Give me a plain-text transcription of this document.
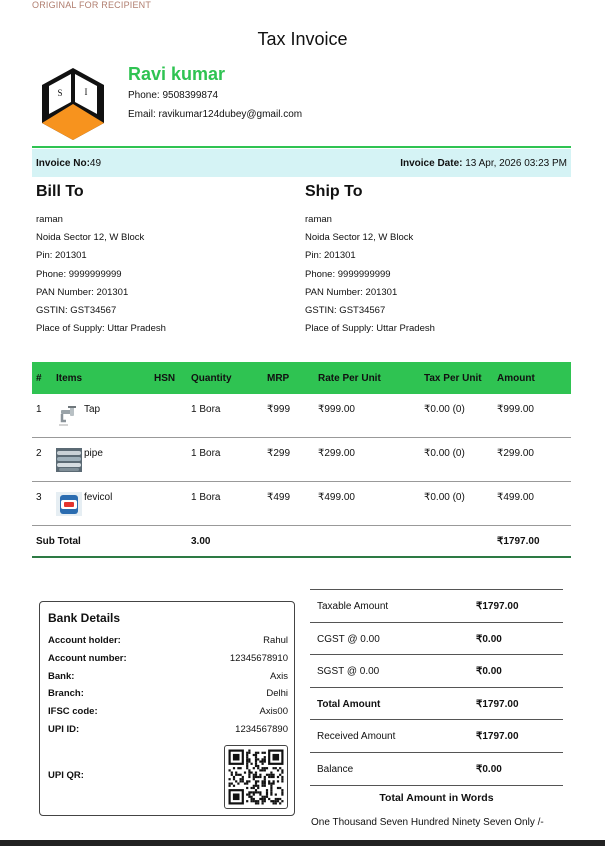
ORIGINAL FOR RECIPIENT
Tax Invoice
S I
Ravi kumar
Phone: 9508399874
Email: ravikumar124dubey@gmail.com
Invoice No:49	Invoice Date: 13 Apr, 2026 03:23 PM
Bill To
raman
Noida Sector 12, W Block
Pin: 201301
Phone: 9999999999
PAN Number: 201301
GSTIN: GST34567
Place of Supply: Uttar Pradesh
Ship To
raman
Noida Sector 12, W Block
Pin: 201301
Phone: 9999999999
PAN Number: 201301
GSTIN: GST34567
Place of Supply: Uttar Pradesh
#	Items	HSN	Quantity	MRP	Rate Per Unit	Tax Per Unit	Amount
1	Tap		1 Bora	₹999	₹999.00	₹0.00 (0)	₹999.00
2	pipe		1 Bora	₹299	₹299.00	₹0.00 (0)	₹299.00
3	fevicol		1 Bora	₹499	₹499.00	₹0.00 (0)	₹499.00
Sub Total			3.00				₹1797.00
Bank Details
Account holder:	Rahul
Account number:	12345678910
Bank:	Axis
Branch:	Delhi
IFSC code:	Axis00
UPI ID:	1234567890
UPI QR:
Taxable Amount	₹1797.00
CGST @ 0.00	₹0.00
SGST @ 0.00	₹0.00
Total Amount	₹1797.00
Received Amount	₹1797.00
Balance	₹0.00
Total Amount in Words
One Thousand Seven Hundred Ninety Seven Only /-
